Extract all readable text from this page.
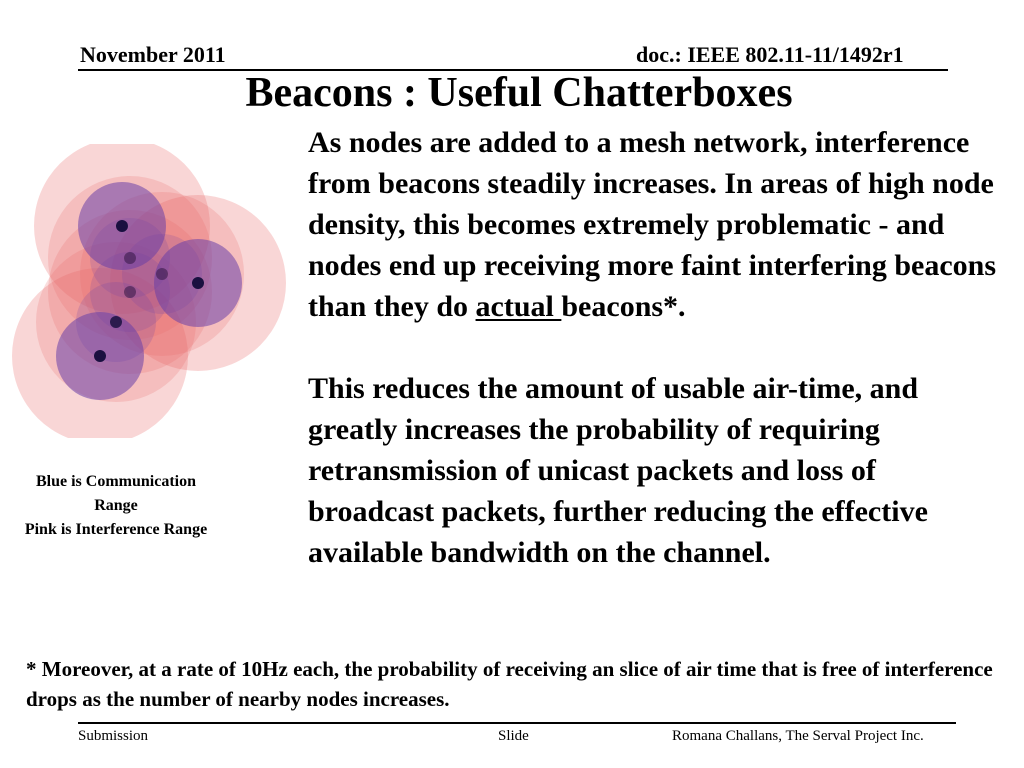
November 2011	doc.: IEEE 802.11-11/1492r1
Beacons : Useful Chatterboxes
Blue is Communication
Range
Pink is Interference Range

As nodes are added to a mesh network, interference from beacons steadily increases. In areas of high node density, this becomes extremely problematic - and nodes end up receiving more faint interfering beacons than they do actual beacons*.

This reduces the amount of usable air-time, and greatly increases the probability of requiring retransmission of unicast packets and loss of broadcast packets, further reducing the effective available bandwidth on the channel.

* Moreover, at a rate of 10Hz each, the probability of receiving an slice of air time that is free of interference drops as the number of nearby nodes increases.
Submission	Slide	Romana Challans, The Serval Project Inc.
